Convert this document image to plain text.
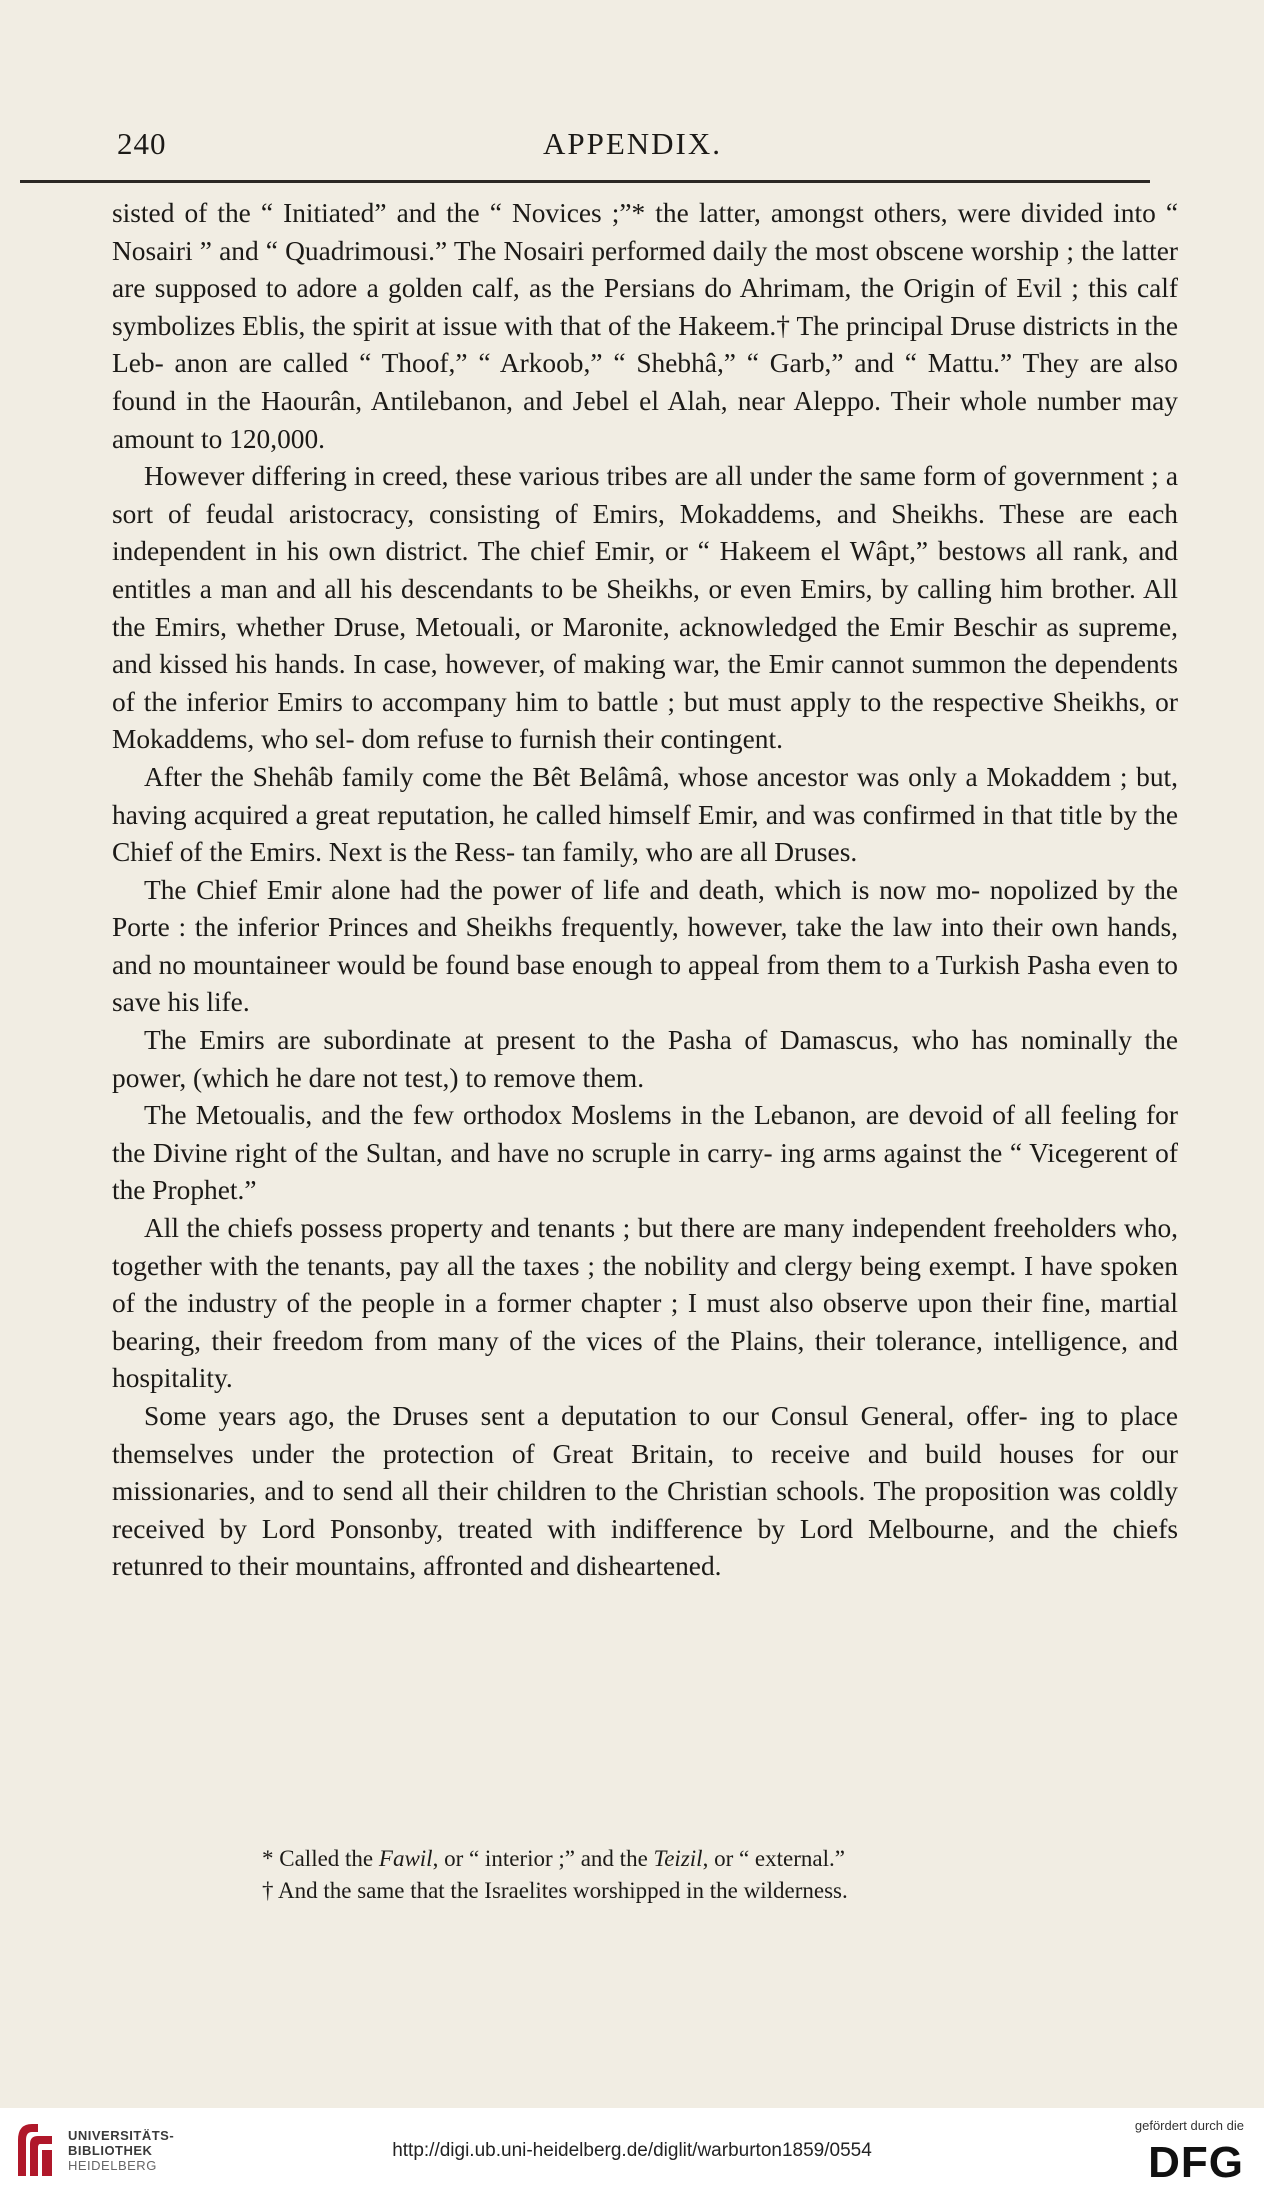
240	APPENDIX.

sisted of the “ Initiated” and the “ Novices ;”* the latter, amongst others, were divided into “ Nosairi ” and “ Quadrimousi.” The Nosairi performed daily the most obscene worship ; the latter are supposed to adore a golden calf, as the Persians do Ahrimam, the Origin of Evil ; this calf symbolizes Eblis, the spirit at issue with that of the Hakeem.† The principal Druse districts in the Leb- anon are called “ Thoof,” “ Arkoob,” “ Shebhâ,” “ Garb,” and “ Mattu.” They are also found in the Haourân, Antilebanon, and Jebel el Alah, near Aleppo. Their whole number may amount to 120,000.

However differing in creed, these various tribes are all under the same form of government ; a sort of feudal aristocracy, consisting of Emirs, Mokaddems, and Sheikhs. These are each independent in his own district. The chief Emir, or “ Hakeem el Wâpt,” bestows all rank, and entitles a man and all his descendants to be Sheikhs, or even Emirs, by calling him brother. All the Emirs, whether Druse, Metouali, or Maronite, acknowledged the Emir Beschir as supreme, and kissed his hands. In case, however, of making war, the Emir cannot summon the dependents of the inferior Emirs to accompany him to battle ; but must apply to the respective Sheikhs, or Mokaddems, who sel- dom refuse to furnish their contingent.

After the Shehâb family come the Bêt Belâmâ, whose ancestor was only a Mokaddem ; but, having acquired a great reputation, he called himself Emir, and was confirmed in that title by the Chief of the Emirs. Next is the Ress- tan family, who are all Druses.

The Chief Emir alone had the power of life and death, which is now mo- nopolized by the Porte : the inferior Princes and Sheikhs frequently, however, take the law into their own hands, and no mountaineer would be found base enough to appeal from them to a Turkish Pasha even to save his life.

The Emirs are subordinate at present to the Pasha of Damascus, who has nominally the power, (which he dare not test,) to remove them.

The Metoualis, and the few orthodox Moslems in the Lebanon, are devoid of all feeling for the Divine right of the Sultan, and have no scruple in carry- ing arms against the “ Vicegerent of the Prophet.”

All the chiefs possess property and tenants ; but there are many independent freeholders who, together with the tenants, pay all the taxes ; the nobility and clergy being exempt. I have spoken of the industry of the people in a former chapter ; I must also observe upon their fine, martial bearing, their freedom from many of the vices of the Plains, their tolerance, intelligence, and hospitality.

Some years ago, the Druses sent a deputation to our Consul General, offer- ing to place themselves under the protection of Great Britain, to receive and build houses for our missionaries, and to send all their children to the Christian schools. The proposition was coldly received by Lord Ponsonby, treated with indifference by Lord Melbourne, and the chiefs retunred to their mountains, affronted and disheartened.

* Called the Fawil, or “ interior ;” and the Teizil, or “ external.”

† And the same that the Israelites worshipped in the wilderness.

UNIVERSITÄTS-
BIBLIOTHEK
HEIDELBERG
http://digi.ub.uni-heidelberg.de/diglit/warburton1859/0554
gefördert durch die
DFG
